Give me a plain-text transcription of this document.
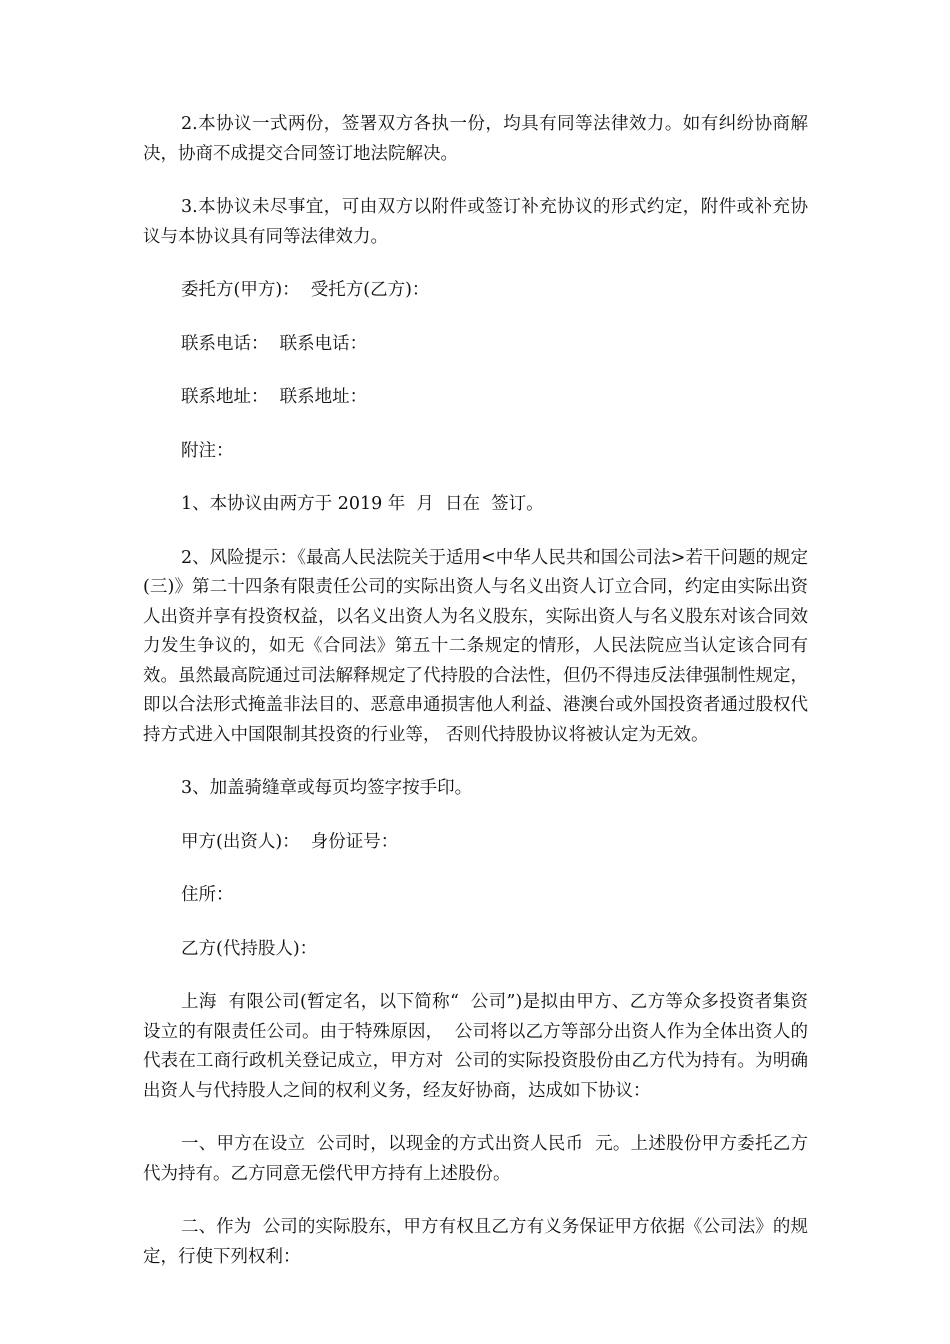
2.本协议一式两份，签署双方各执一份，均具有同等法律效力。如有纠纷协商解决，协商不成提交合同签订地法院解决。

3.本协议未尽事宜，可由双方以附件或签订补充协议的形式约定，附件或补充协议与本协议具有同等法律效力。

委托方(甲方)：  受托方(乙方)：

联系电话：  联系电话：

联系地址：  联系地址：

附注：

1、本协议由两方于 2019 年  月  日在  签订。

2、风险提示：《最高人民法院关于适用<中华人民共和国公司法>若干问题的规定(三)》第二十四条有限责任公司的实际出资人与名义出资人订立合同，约定由实际出资人出资并享有投资权益，以名义出资人为名义股东，实际出资人与名义股东对该合同效力发生争议的，如无《合同法》第五十二条规定的情形，人民法院应当认定该合同有效。虽然最高院通过司法解释规定了代持股的合法性，但仍不得违反法律强制性规定，即以合法形式掩盖非法目的、恶意串通损害他人利益、港澳台或外国投资者通过股权代持方式进入中国限制其投资的行业等， 否则代持股协议将被认定为无效。

3、加盖骑缝章或每页均签字按手印。

甲方(出资人)：  身份证号：

住所：

乙方(代持股人)：

上海  有限公司(暂定名，以下简称“  公司”)是拟由甲方、乙方等众多投资者集资设立的有限责任公司。由于特殊原因，  公司将以乙方等部分出资人作为全体出资人的代表在工商行政机关登记成立，甲方对  公司的实际投资股份由乙方代为持有。为明确出资人与代持股人之间的权利义务，经友好协商，达成如下协议：

一、甲方在设立  公司时，以现金的方式出资人民币  元。上述股份甲方委托乙方代为持有。乙方同意无偿代甲方持有上述股份。

二、作为  公司的实际股东，甲方有权且乙方有义务保证甲方依据《公司法》的规定，行使下列权利：
